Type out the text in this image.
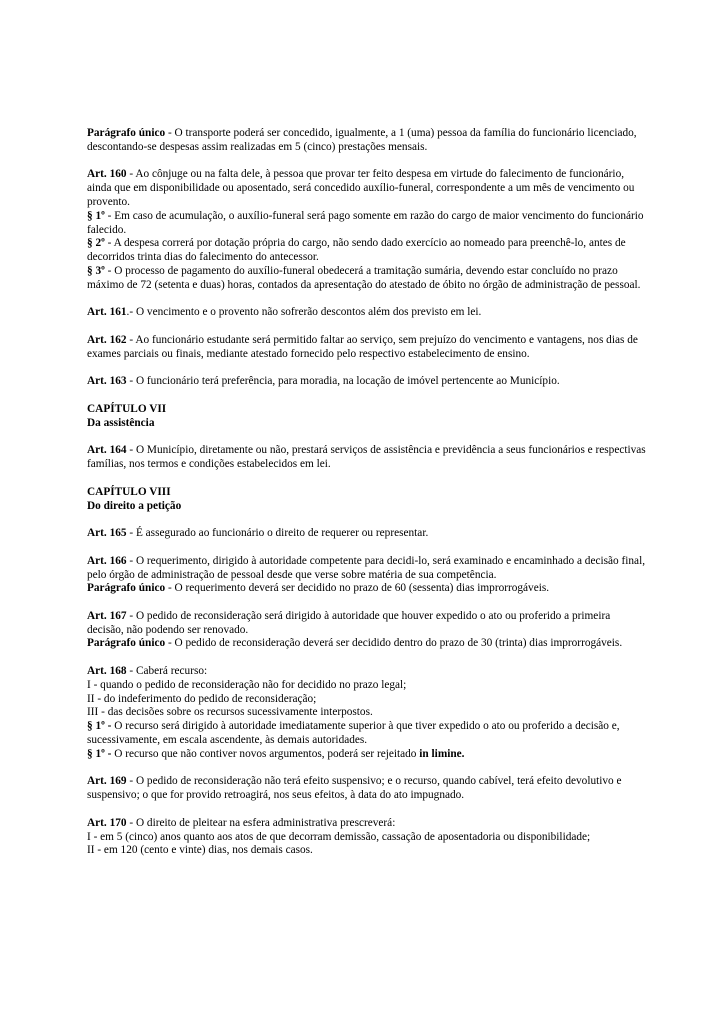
Parágrafo único - O transporte poderá ser concedido, igualmente, a 1 (uma) pessoa da família do funcionário licenciado, descontando-se despesas assim realizadas em 5 (cinco) prestações mensais.
Art. 160 - Ao cônjuge ou na falta dele, à pessoa que provar ter feito despesa em virtude do falecimento de funcionário, ainda que em disponibilidade ou aposentado, será concedido auxílio-funeral, correspondente a um mês de vencimento ou provento.
§ 1º - Em caso de acumulação, o auxílio-funeral será pago somente em razão do cargo de maior vencimento do funcionário falecido.
§ 2º - A despesa correrá por dotação própria do cargo, não sendo dado exercício ao nomeado para preenchê-lo, antes de decorridos trinta dias do falecimento do antecessor.
§ 3º - O processo de pagamento do auxílio-funeral obedecerá a tramitação sumária, devendo estar concluído no prazo máximo de 72 (setenta e duas) horas, contados da apresentação do atestado de óbito no órgão de administração de pessoal.
Art. 161.- O vencimento e o provento não sofrerão descontos além dos previsto em lei.
Art. 162 - Ao funcionário estudante será permitido faltar ao serviço, sem prejuízo do vencimento e vantagens, nos dias de exames parciais ou finais, mediante atestado fornecido pelo respectivo estabelecimento de ensino.
Art. 163 - O funcionário terá preferência, para moradia, na locação de imóvel pertencente ao Município.
CAPÍTULO VII
Da assistência
Art. 164 - O Município, diretamente ou não, prestará serviços de assistência e previdência a seus funcionários e respectivas famílias, nos termos e condições estabelecidos em lei.
CAPÍTULO VIII
Do direito a petição
Art. 165 - É assegurado ao funcionário o direito de requerer ou representar.
Art. 166 - O requerimento, dirigido à autoridade competente para decidi-lo, será examinado e encaminhado a decisão final, pelo órgão de administração de pessoal desde que verse sobre matéria de sua competência.
Parágrafo único - O requerimento deverá ser decidido no prazo de 60 (sessenta) dias improrrogáveis.
Art. 167 - O pedido de reconsideração será dirigido à autoridade que houver expedido o ato ou proferido a primeira decisão, não podendo ser renovado.
Parágrafo único - O pedido de reconsideração deverá ser decidido dentro do prazo de 30 (trinta) dias improrrogáveis.
Art. 168 - Caberá recurso:
I - quando o pedido de reconsideração não for decidido no prazo legal;
II - do indeferimento do pedido de reconsideração;
III - das decisões sobre os recursos sucessivamente interpostos.
§ 1º - O recurso será dirigido à autoridade imediatamente superior à que tiver expedido o ato ou proferido a decisão e, sucessivamente, em escala ascendente, às demais autoridades.
§ 1º - O recurso que não contiver novos argumentos, poderá ser rejeitado in limine.
Art. 169 - O pedido de reconsideração não terá efeito suspensivo; e o recurso, quando cabível, terá efeito devolutivo e suspensivo; o que for provido retroagirá, nos seus efeitos, à data do ato impugnado.
Art. 170 - O direito de pleitear na esfera administrativa prescreverá:
I - em 5 (cinco) anos quanto aos atos de que decorram demissão, cassação de aposentadoria ou disponibilidade;
II - em 120 (cento e vinte) dias, nos demais casos.
